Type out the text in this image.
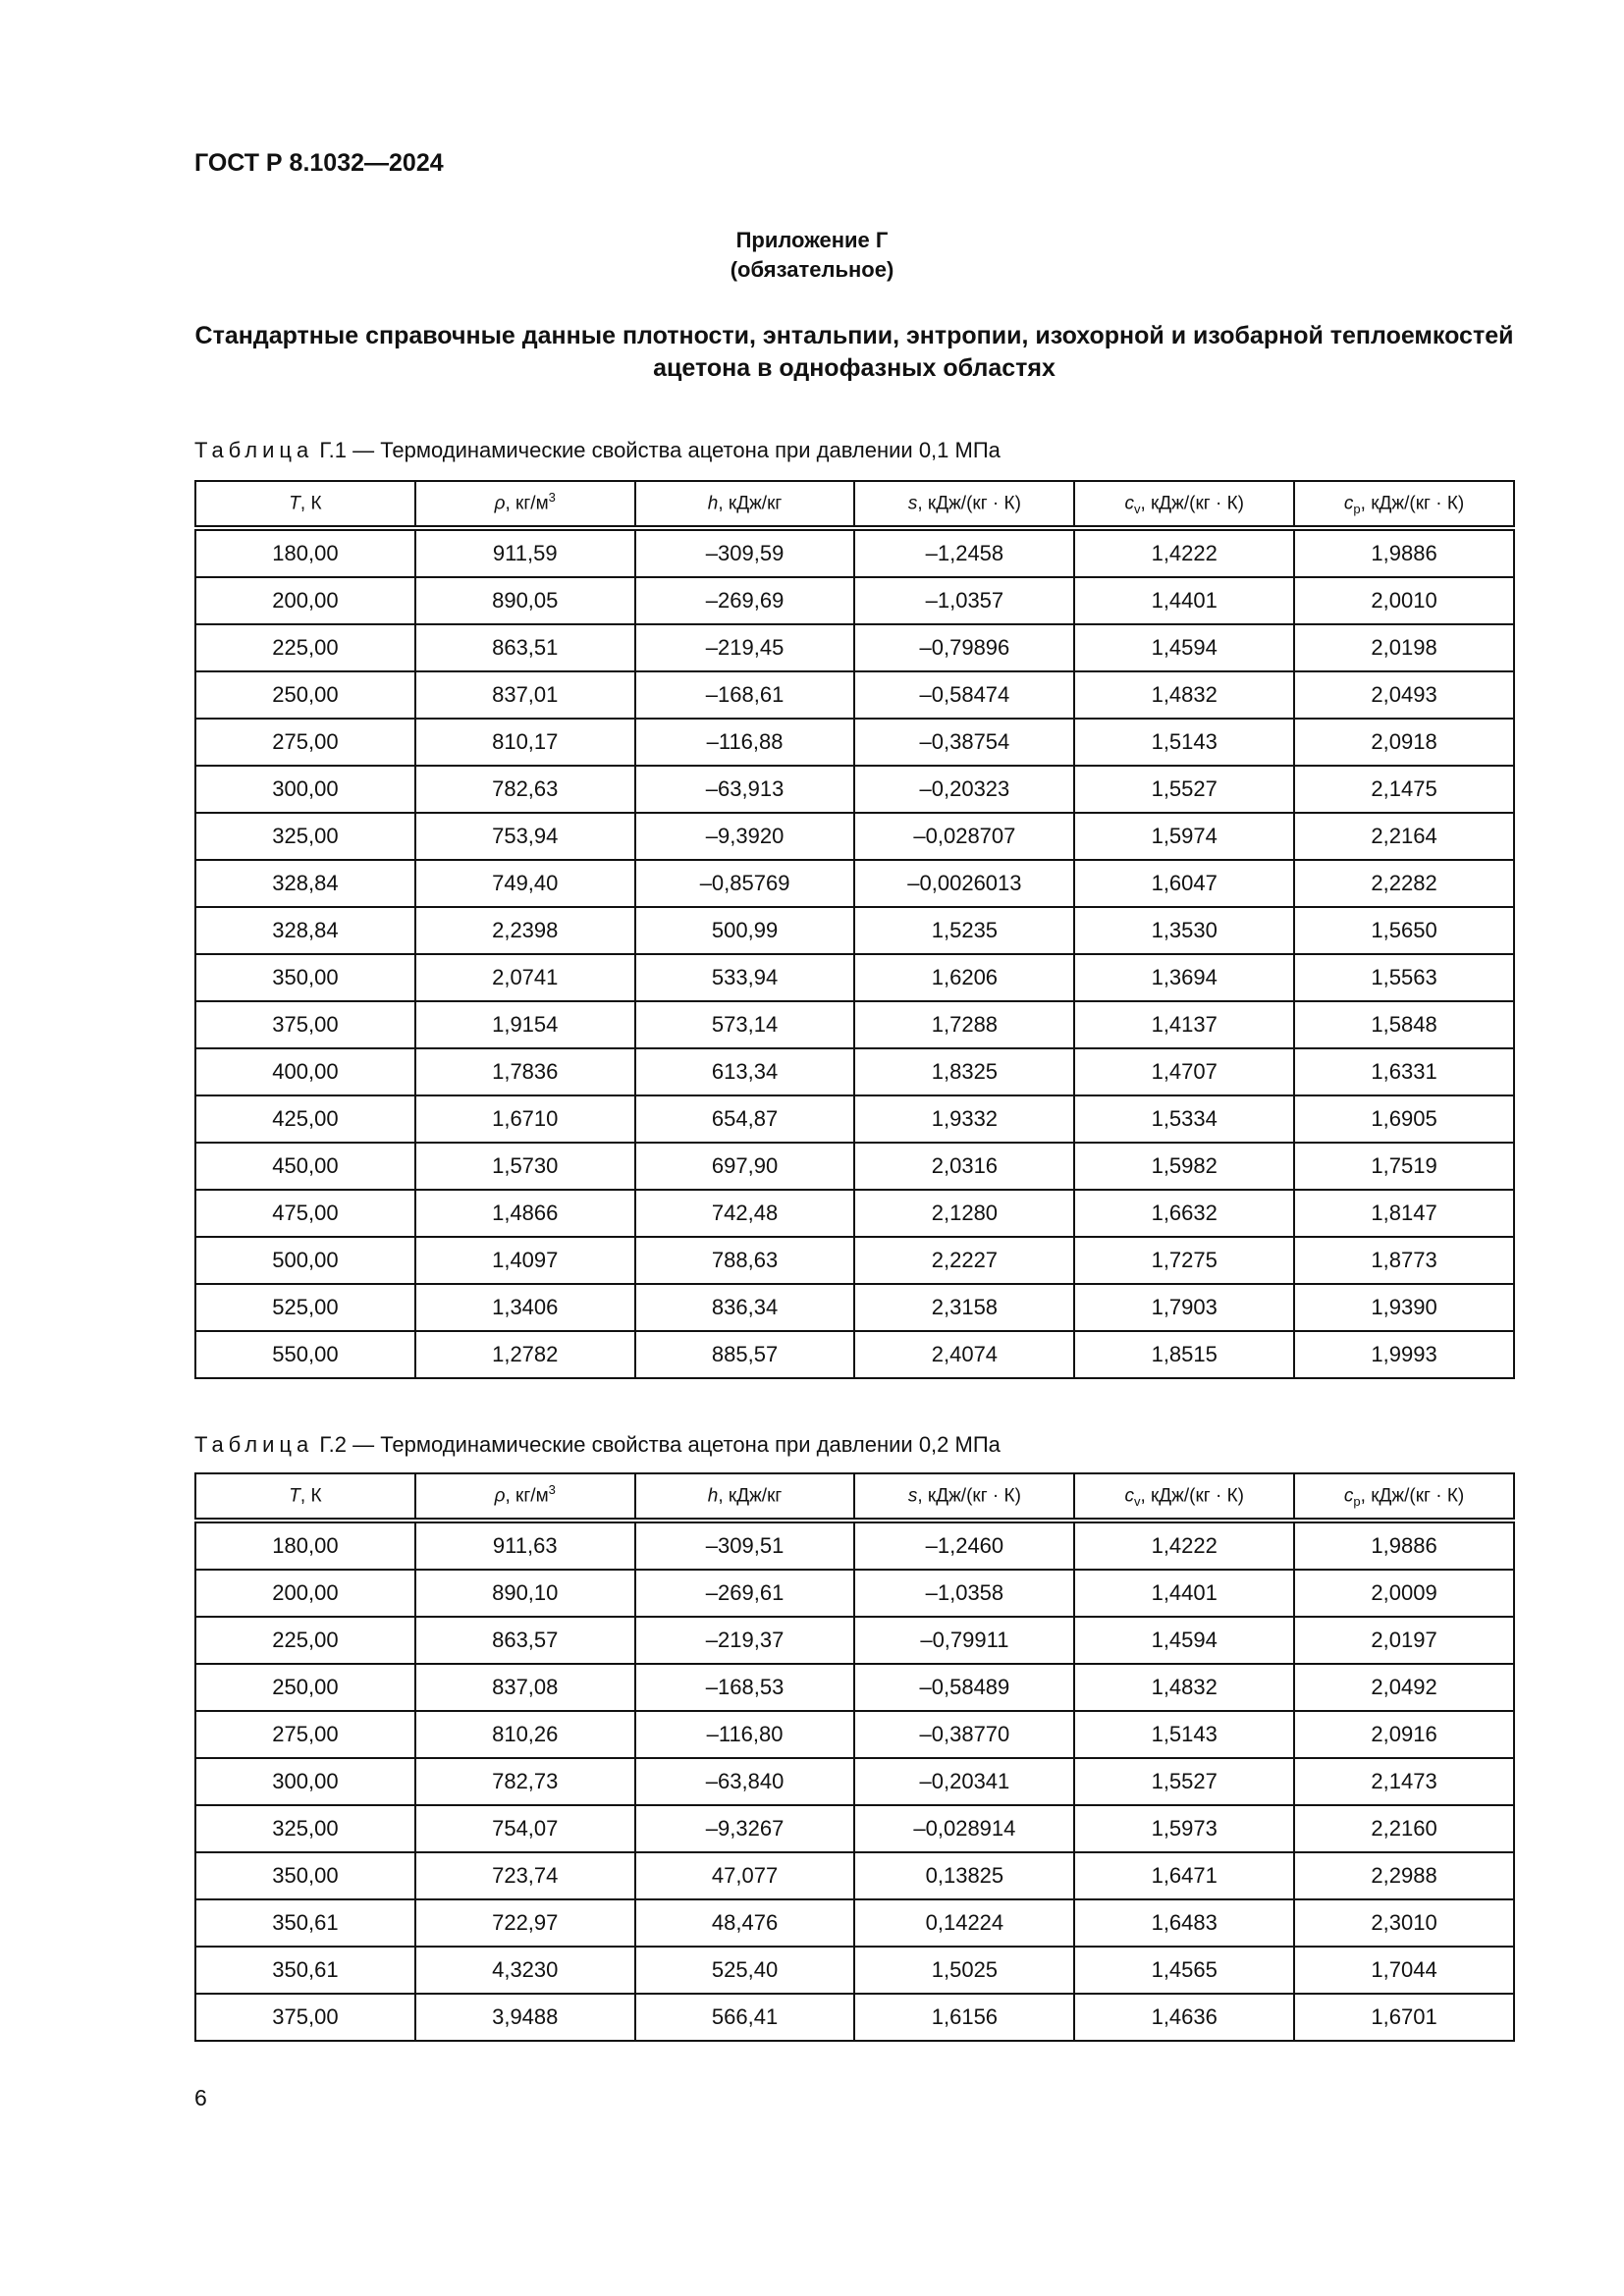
ГОСТ Р 8.1032—2024
Приложение Г
(обязательное)
Стандартные справочные данные плотности, энтальпии, энтропии, изохорной и изобарной теплоемкостей ацетона в однофазных областях
Таблица Г.1 — Термодинамические свойства ацетона при давлении 0,1 МПа
T, К	ρ, $кг/м^3$	h, кДж/кг	s, кДж/(кг · К)	$c_v$, кДж/(кг · К)	$c_p$, кДж/(кг · К)
180,00	911,59	–309,59	–1,2458	1,4222	1,9886
200,00	890,05	–269,69	–1,0357	1,4401	2,0010
225,00	863,51	–219,45	–0,79896	1,4594	2,0198
250,00	837,01	–168,61	–0,58474	1,4832	2,0493
275,00	810,17	–116,88	–0,38754	1,5143	2,0918
300,00	782,63	–63,913	–0,20323	1,5527	2,1475
325,00	753,94	–9,3920	–0,028707	1,5974	2,2164
328,84	749,40	–0,85769	–0,0026013	1,6047	2,2282
328,84	2,2398	500,99	1,5235	1,3530	1,5650
350,00	2,0741	533,94	1,6206	1,3694	1,5563
375,00	1,9154	573,14	1,7288	1,4137	1,5848
400,00	1,7836	613,34	1,8325	1,4707	1,6331
425,00	1,6710	654,87	1,9332	1,5334	1,6905
450,00	1,5730	697,90	2,0316	1,5982	1,7519
475,00	1,4866	742,48	2,1280	1,6632	1,8147
500,00	1,4097	788,63	2,2227	1,7275	1,8773
525,00	1,3406	836,34	2,3158	1,7903	1,9390
550,00	1,2782	885,57	2,4074	1,8515	1,9993
Таблица Г.2 — Термодинамические свойства ацетона при давлении 0,2 МПа
T, К	ρ, $кг/м^3$	h, кДж/кг	s, кДж/(кг · К)	$c_v$, кДж/(кг · К)	$c_p$, кДж/(кг · К)
180,00	911,63	–309,51	–1,2460	1,4222	1,9886
200,00	890,10	–269,61	–1,0358	1,4401	2,0009
225,00	863,57	–219,37	–0,79911	1,4594	2,0197
250,00	837,08	–168,53	–0,58489	1,4832	2,0492
275,00	810,26	–116,80	–0,38770	1,5143	2,0916
300,00	782,73	–63,840	–0,20341	1,5527	2,1473
325,00	754,07	–9,3267	–0,028914	1,5973	2,2160
350,00	723,74	47,077	0,13825	1,6471	2,2988
350,61	722,97	48,476	0,14224	1,6483	2,3010
350,61	4,3230	525,40	1,5025	1,4565	1,7044
375,00	3,9488	566,41	1,6156	1,4636	1,6701
6
